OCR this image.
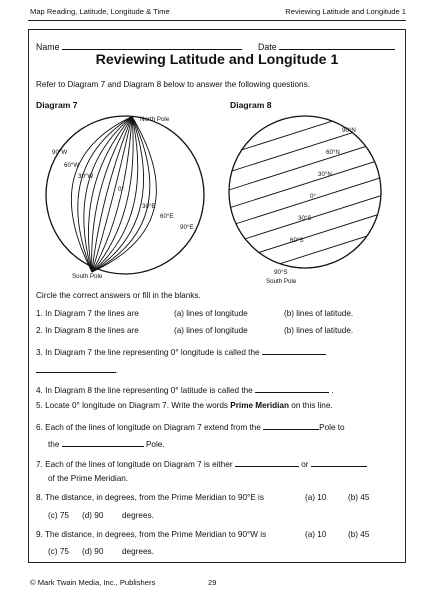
Map Reading, Latitude, Longitude & Time	Reviewing Latitude and Longitude 1
Name	Date
Reviewing Latitude and Longitude 1
Refer to Diagram 7 and Diagram 8 below to answer the following questions.
Diagram 7	Diagram 8
North Pole
South Pole
90°W
60°W
30°W
0°
30°E
60°E
90°E
90°N
60°N
30°N
0°
30°S
60°S
90°S
South Pole
Circle the correct answers or fill in the blanks.
1. In Diagram 7 the lines are	(a) lines of longitude	(b) lines of latitude.
2. In Diagram 8 the lines are	(a) lines of longitude	(b) lines of latitude.
3. In Diagram 7 the line representing 0° longitude is called the
.
4. In Diagram 8 the line representing 0° latitude is called the	.
5. Locate 0° longitude on Diagram 7. Write the words Prime Meridian on this line.
6. Each of the lines of longitude on Diagram 7 extend from the	Pole to
the	Pole.
7. Each of the lines of longitude on Diagram 7 is either	or
of the Prime Meridian.
8. The distance, in degrees, from the Prime Meridian to 90°E is	(a) 10	(b) 45
(c) 75 (d) 90 degrees.
9. The distance, in degrees, from the Prime Meridian to 90°W is	(a) 10	(b) 45
(c) 75 (d) 90 degrees.
© Mark Twain Media, Inc., Publishers	29
